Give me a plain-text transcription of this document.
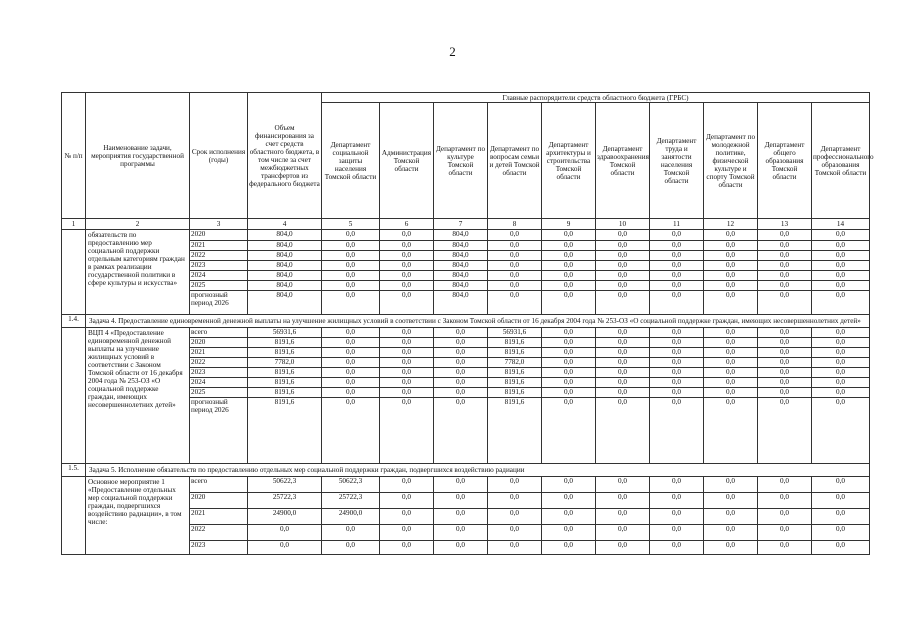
2
№ п/п	Наименование задачи, мероприятия государственной программы	Срок исполнения (годы)	Объем финансирования за счет средств областного бюджета, в том числе за счет межбюджетных трансфертов из федерального бюджета	Главные распорядители средств областного бюджета (ГРБС)									
				Департамент социальной защиты населения Томской области	Администрация Томской области	Департамент по культуре Томской области	Департамент по вопросам семьи и детей Томской области	Департамент архитектуры и строительства Томской области	Департамент здравоохранения Томской области	Департамент труда и занятости населения Томской области	Департамент по молодежной политике, физической культуре и спорту Томской области	Департамент общего образования Томской области	Департамент профессионального образования Томской области
1	2	3	4	5	6	7	8	9	10	11	12	13	14
	обязательств по предоставлению мер социальной поддержки отдельным категориям граждан в рамках реализации государственной политики в сфере культуры и искусства»	2020	804,0	0,0	0,0	804,0	0,0	0,0	0,0	0,0	0,0	0,0	0,0
		2021	804,0	0,0	0,0	804,0	0,0	0,0	0,0	0,0	0,0	0,0	0,0
		2022	804,0	0,0	0,0	804,0	0,0	0,0	0,0	0,0	0,0	0,0	0,0
		2023	804,0	0,0	0,0	804,0	0,0	0,0	0,0	0,0	0,0	0,0	0,0
		2024	804,0	0,0	0,0	804,0	0,0	0,0	0,0	0,0	0,0	0,0	0,0
		2025	804,0	0,0	0,0	804,0	0,0	0,0	0,0	0,0	0,0	0,0	0,0
		прогнозный период 2026	804,0	0,0	0,0	804,0	0,0	0,0	0,0	0,0	0,0	0,0	0,0
1.4.	Задача 4. Предоставление единовременной денежной выплаты на улучшение жилищных условий в соответствии с Законом Томской области от 16 декабря 2004 года № 253-ОЗ «О социальной поддержке граждан, имеющих несовершеннолетних детей»												
	ВЦП 4 «Предоставление единовременной денежной выплаты на улучшение жилищных условий в соответствии с Законом Томской области от 16 декабря 2004 года № 253-ОЗ «О социальной поддержке граждан, имеющих несовершеннолетних детей»	всего	56931,6	0,0	0,0	0,0	56931,6	0,0	0,0	0,0	0,0	0,0	0,0
		2020	8191,6	0,0	0,0	0,0	8191,6	0,0	0,0	0,0	0,0	0,0	0,0
		2021	8191,6	0,0	0,0	0,0	8191,6	0,0	0,0	0,0	0,0	0,0	0,0
		2022	7782,0	0,0	0,0	0,0	7782,0	0,0	0,0	0,0	0,0	0,0	0,0
		2023	8191,6	0,0	0,0	0,0	8191,6	0,0	0,0	0,0	0,0	0,0	0,0
		2024	8191,6	0,0	0,0	0,0	8191,6	0,0	0,0	0,0	0,0	0,0	0,0
		2025	8191,6	0,0	0,0	0,0	8191,6	0,0	0,0	0,0	0,0	0,0	0,0
		прогнозный период 2026	8191,6	0,0	0,0	0,0	8191,6	0,0	0,0	0,0	0,0	0,0	0,0
1.5.	Задача 5. Исполнение обязательств по предоставлению отдельных мер социальной поддержки граждан, подвергшихся воздействию радиации												
	Основное мероприятие 1 «Предоставление отдельных мер социальной поддержки граждан, подвергшихся воздействию радиации», в том числе:	всего	50622,3	50622,3	0,0	0,0	0,0	0,0	0,0	0,0	0,0	0,0	0,0
		2020	25722,3	25722,3	0,0	0,0	0,0	0,0	0,0	0,0	0,0	0,0	0,0
		2021	24900,0	24900,0	0,0	0,0	0,0	0,0	0,0	0,0	0,0	0,0	0,0
		2022	0,0	0,0	0,0	0,0	0,0	0,0	0,0	0,0	0,0	0,0	0,0
		2023	0,0	0,0	0,0	0,0	0,0	0,0	0,0	0,0	0,0	0,0	0,0
